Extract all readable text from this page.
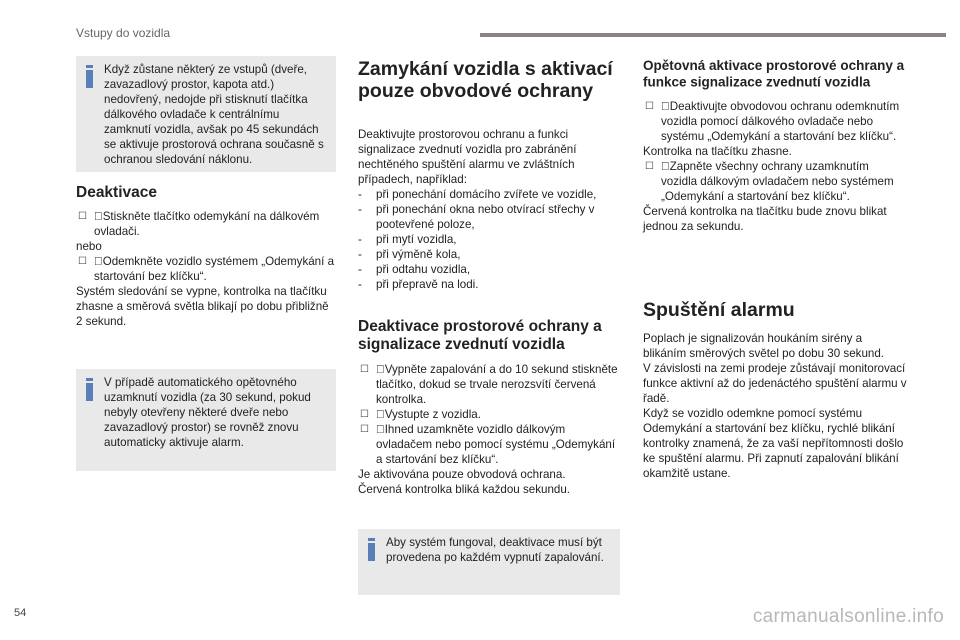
Vstupy do vozidla
Když zůstane některý ze vstupů (dveře, zavazadlový prostor, kapota atd.) nedovřený, nedojde při stisknutí tlačítka dálkového ovladače k centrálnímu zamknutí vozidla, avšak po 45 sekundách se aktivuje prostorová ochrana současně s ochranou sledování náklonu.
Deaktivace
☐ Stiskněte tlačítko odemykání na dálkovém ovladači.
nebo
☐ Odemkněte vozidlo systémem „Odemykání a startování bez klíčku“.
Systém sledování se vypne, kontrolka na tlačítku zhasne a směrová světla blikají po dobu přibližně 2 sekund.
V případě automatického opětovného uzamknutí vozidla (za 30 sekund, pokud nebyly otevřeny některé dveře nebo zavazadlový prostor) se rovněž znovu automaticky aktivuje alarm.
Zamykání vozidla s aktivací pouze obvodové ochrany
Deaktivujte prostorovou ochranu a funkci signalizace zvednutí vozidla pro zabránění nechtěného spuštění alarmu ve zvláštních případech, například:
- při ponechání domácího zvířete ve vozidle,
- při ponechání okna nebo otvírací střechy v pootevřené poloze,
- při mytí vozidla,
- při výměně kola,
- při odtahu vozidla,
- při přepravě na lodi.
Deaktivace prostorové ochrany a signalizace zvednutí vozidla
☐ Vypněte zapalování a do 10 sekund stiskněte tlačítko, dokud se trvale nerozsvítí červená kontrolka.
☐ Vystupte z vozidla.
☐ Ihned uzamkněte vozidlo dálkovým ovladačem nebo pomocí systému „Odemykání a startování bez klíčku“.
Je aktivována pouze obvodová ochrana.
Červená kontrolka bliká každou sekundu.
Aby systém fungoval, deaktivace musí být provedena po každém vypnutí zapalování.
Opětovná aktivace prostorové ochrany a funkce signalizace zvednutí vozidla
☐ Deaktivujte obvodovou ochranu odemknutím vozidla pomocí dálkového ovladače nebo systému „Odemykání a startování bez klíčku“.
Kontrolka na tlačítku zhasne.
☐ Zapněte všechny ochrany uzamknutím vozidla dálkovým ovladačem nebo systémem „Odemykání a startování bez klíčku“.
Červená kontrolka na tlačítku bude znovu blikat jednou za sekundu.
Spuštění alarmu
Poplach je signalizován houkáním sirény a blikáním směrových světel po dobu 30 sekund.
V závislosti na zemi prodeje zůstávají monitorovací funkce aktivní až do jedenáctého spuštění alarmu v řadě.
Když se vozidlo odemkne pomocí systému Odemykání a startování bez klíčku, rychlé blikání kontrolky znamená, že za vaší nepřítomnosti došlo ke spuštění alarmu. Při zapnutí zapalování blikání okamžitě ustane.
54	carmanualsonline.info
